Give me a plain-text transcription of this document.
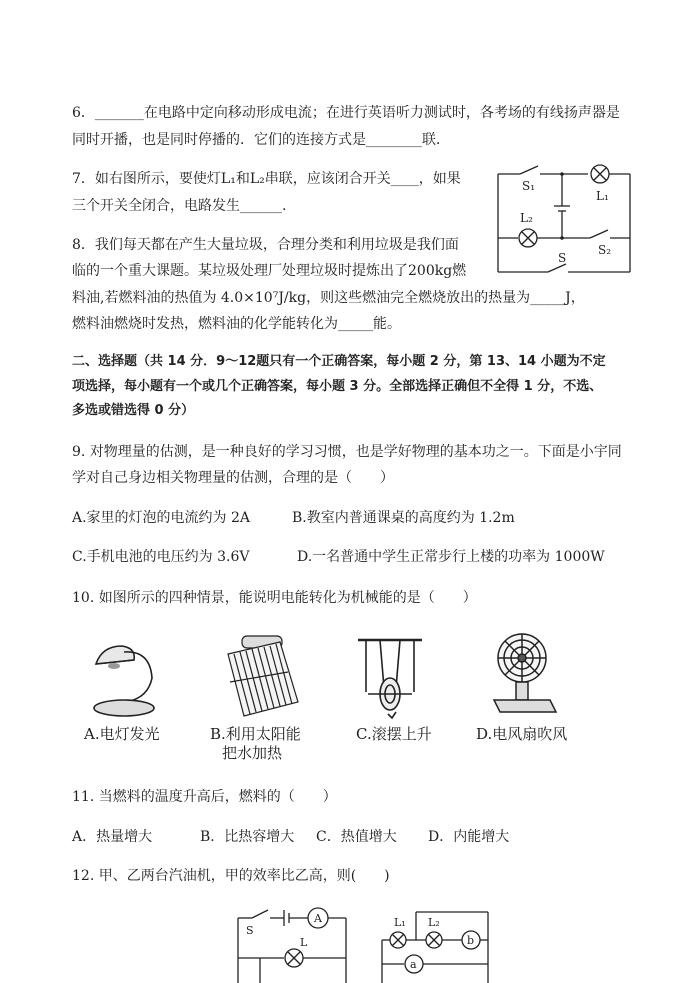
6．_______在电路中定向移动形成电流；在进行英语听力测试时，各考场的有线扬声器是
同时开播，也是同时停播的．它们的连接方式是________联．
7．如右图所示，要使灯L₁和L₂串联，应该闭合开关____，如果
三个开关全闭合，电路发生______.
8．我们每天都在产生大量垃圾，合理分类和利用垃圾是我们面
临的一个重大课题。某垃圾处理厂处理垃圾时提炼出了200kg燃
料油,若燃料油的热值为 4.0×10⁷J/kg，则这些燃油完全燃烧放出的热量为_____J，
燃料油燃烧时发热，燃料油的化学能转化为_____能。
S₁
L₁
L₂
S₂
S
二、选择题（共 14 分．9～12题只有一个正确答案，每小题 2 分，第 13、14 小题为不定
项选择，每小题有一个或几个正确答案，每小题 3 分。全部选择正确但不全得 1 分，不选、
多选或错选得 0 分）
9. 对物理量的估测，是一种良好的学习习惯，也是学好物理的基本功之一。下面是小宇同
学对自己身边相关物理量的估测，合理的是（　　）
A.家里的灯泡的电流约为 2A	B.教室内普通课桌的高度约为 1.2m
C.手机电池的电压约为 3.6V	D.一名普通中学生正常步行上楼的功率为 1000W
10. 如图所示的四种情景，能说明电能转化为机械能的是（　　）
A.电灯发光	B.利用太阳能
把水加热
C.滚摆上升	D.电风扇吹风
11. 当燃料的温度升高后，燃料的（　　）
A．热量增大	B．比热容增大 C．热值增大 D．内能增大
12. 甲、乙两台汽油机，甲的效率比乙高，则(　　)
S
A
L
L₁ L₂
b
a
